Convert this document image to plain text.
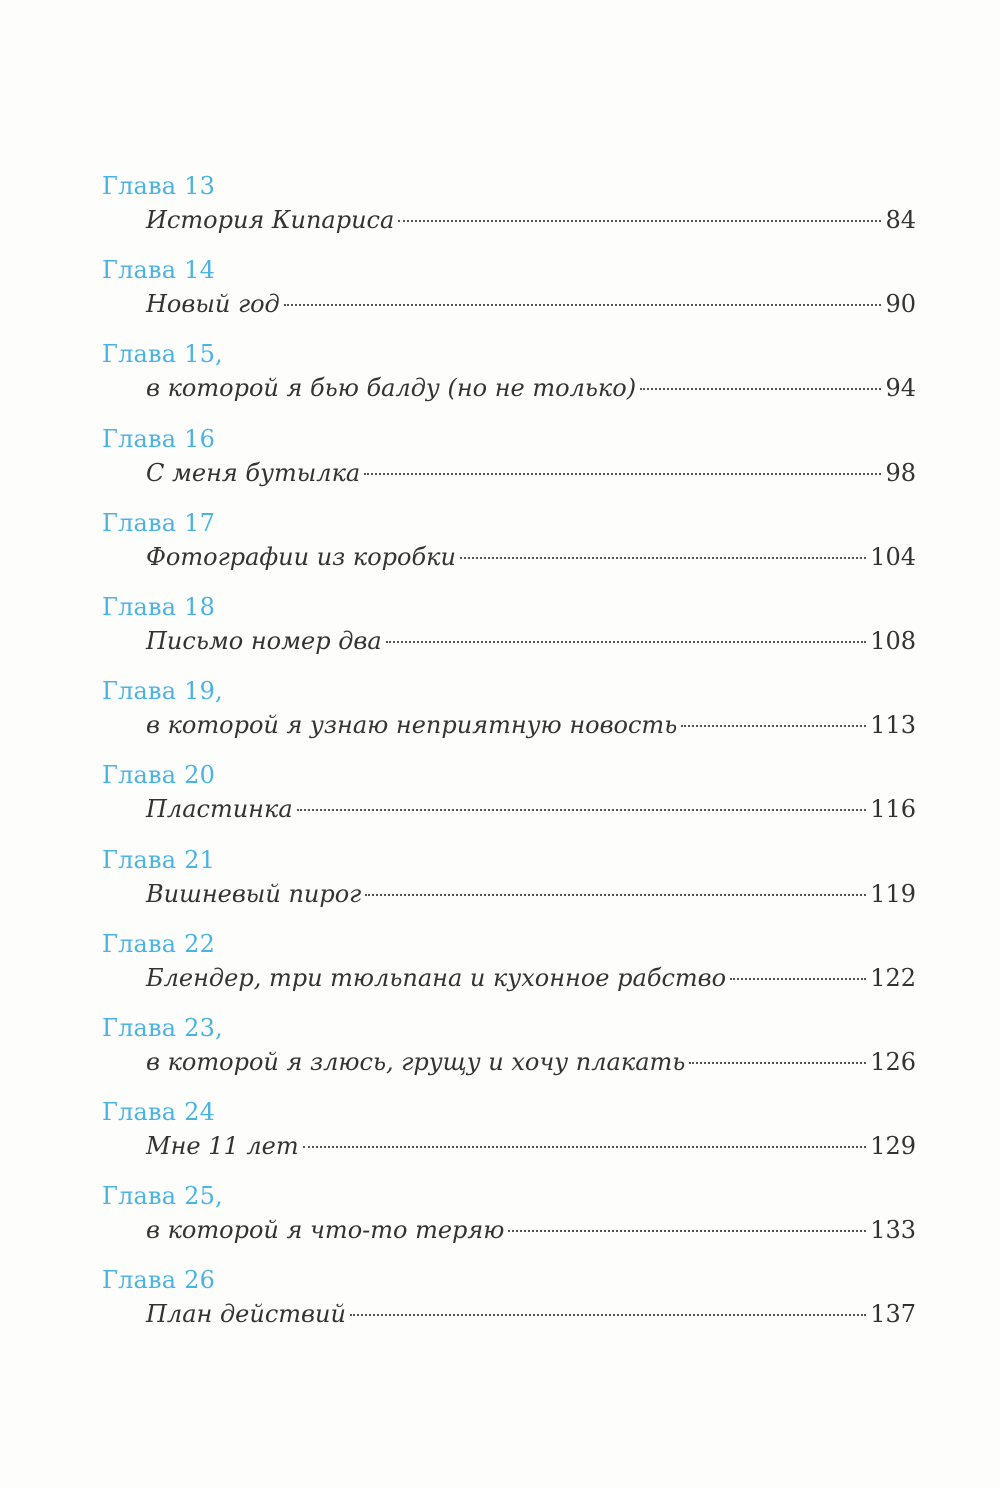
Глава 13
История Кипариса	84
Глава 14
Новый год	90
Глава 15,
в которой я бью балду (но не только)	94
Глава 16
С меня бутылка	98
Глава 17
Фотографии из коробки	104
Глава 18
Письмо номер два	108
Глава 19,
в которой я узнаю неприятную новость	113
Глава 20
Пластинка	116
Глава 21
Вишневый пирог	119
Глава 22
Блендер, три тюльпана и кухонное рабство	122
Глава 23,
в которой я злюсь, грущу и хочу плакать	126
Глава 24
Мне 11 лет	129
Глава 25,
в которой я что-то теряю	133
Глава 26
План действий	137
